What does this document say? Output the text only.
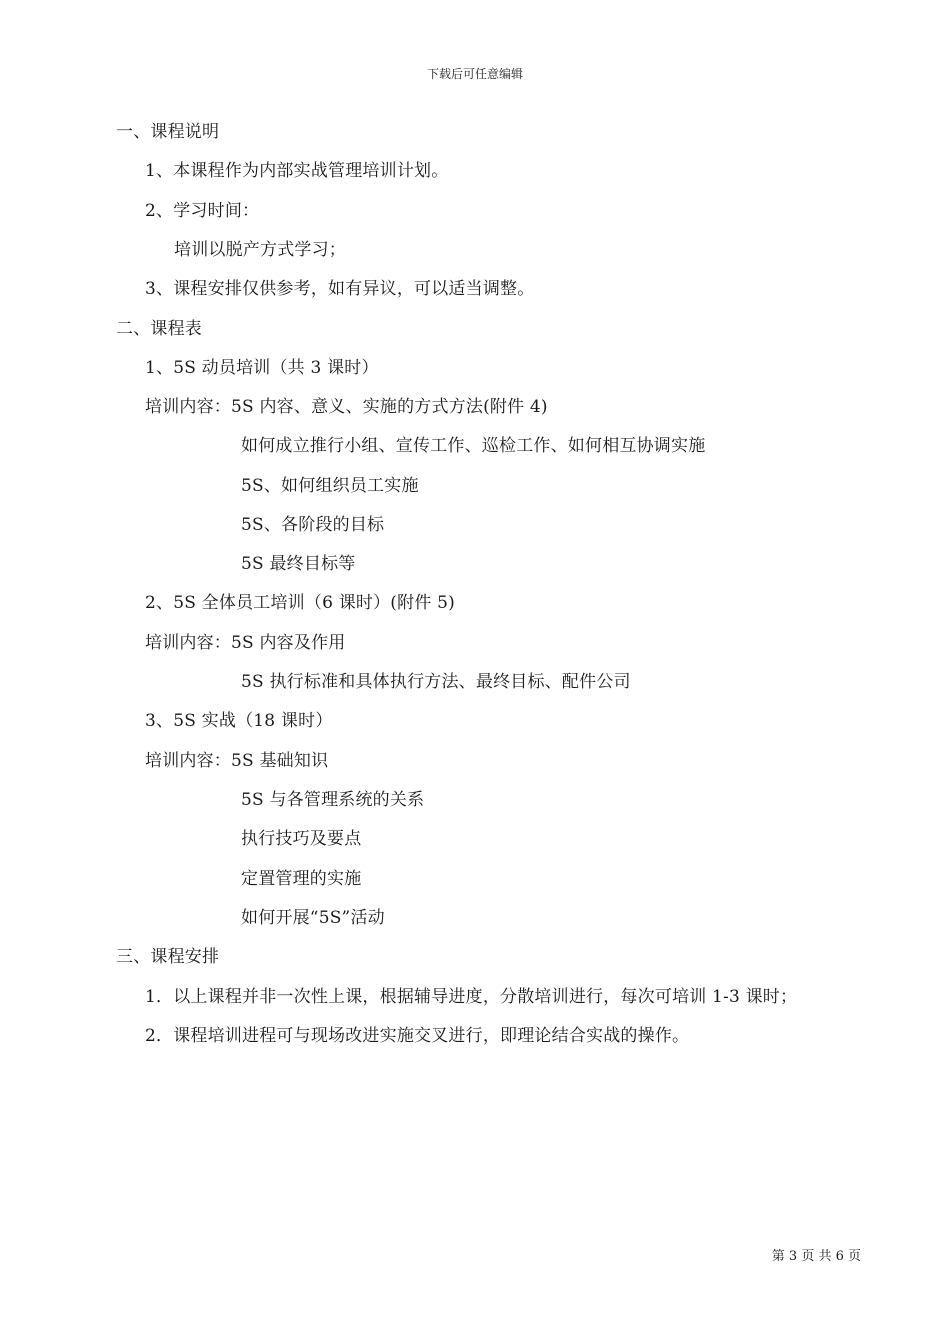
下载后可任意编辑
一、课程说明
1、本课程作为内部实战管理培训计划。
2、学习时间：
培训以脱产方式学习；
3、课程安排仅供参考，如有异议，可以适当调整。
二、课程表
1、5S 动员培训（共 3 课时）
培训内容：5S 内容、意义、实施的方式方法(附件 4)
如何成立推行小组、宣传工作、巡检工作、如何相互协调实施
5S、如何组织员工实施
5S、各阶段的目标
5S 最终目标等
2、5S 全体员工培训（6 课时）(附件 5)
培训内容：5S 内容及作用
5S 执行标准和具体执行方法、最终目标、配件公司
3、5S 实战（18 课时）
培训内容：5S 基础知识
5S 与各管理系统的关系
执行技巧及要点
定置管理的实施
如何开展“5S”活动
三、课程安排
1．以上课程并非一次性上课，根据辅导进度，分散培训进行，每次可培训 1-3 课时；
2．课程培训进程可与现场改进实施交叉进行，即理论结合实战的操作。
第 3 页 共 6 页
